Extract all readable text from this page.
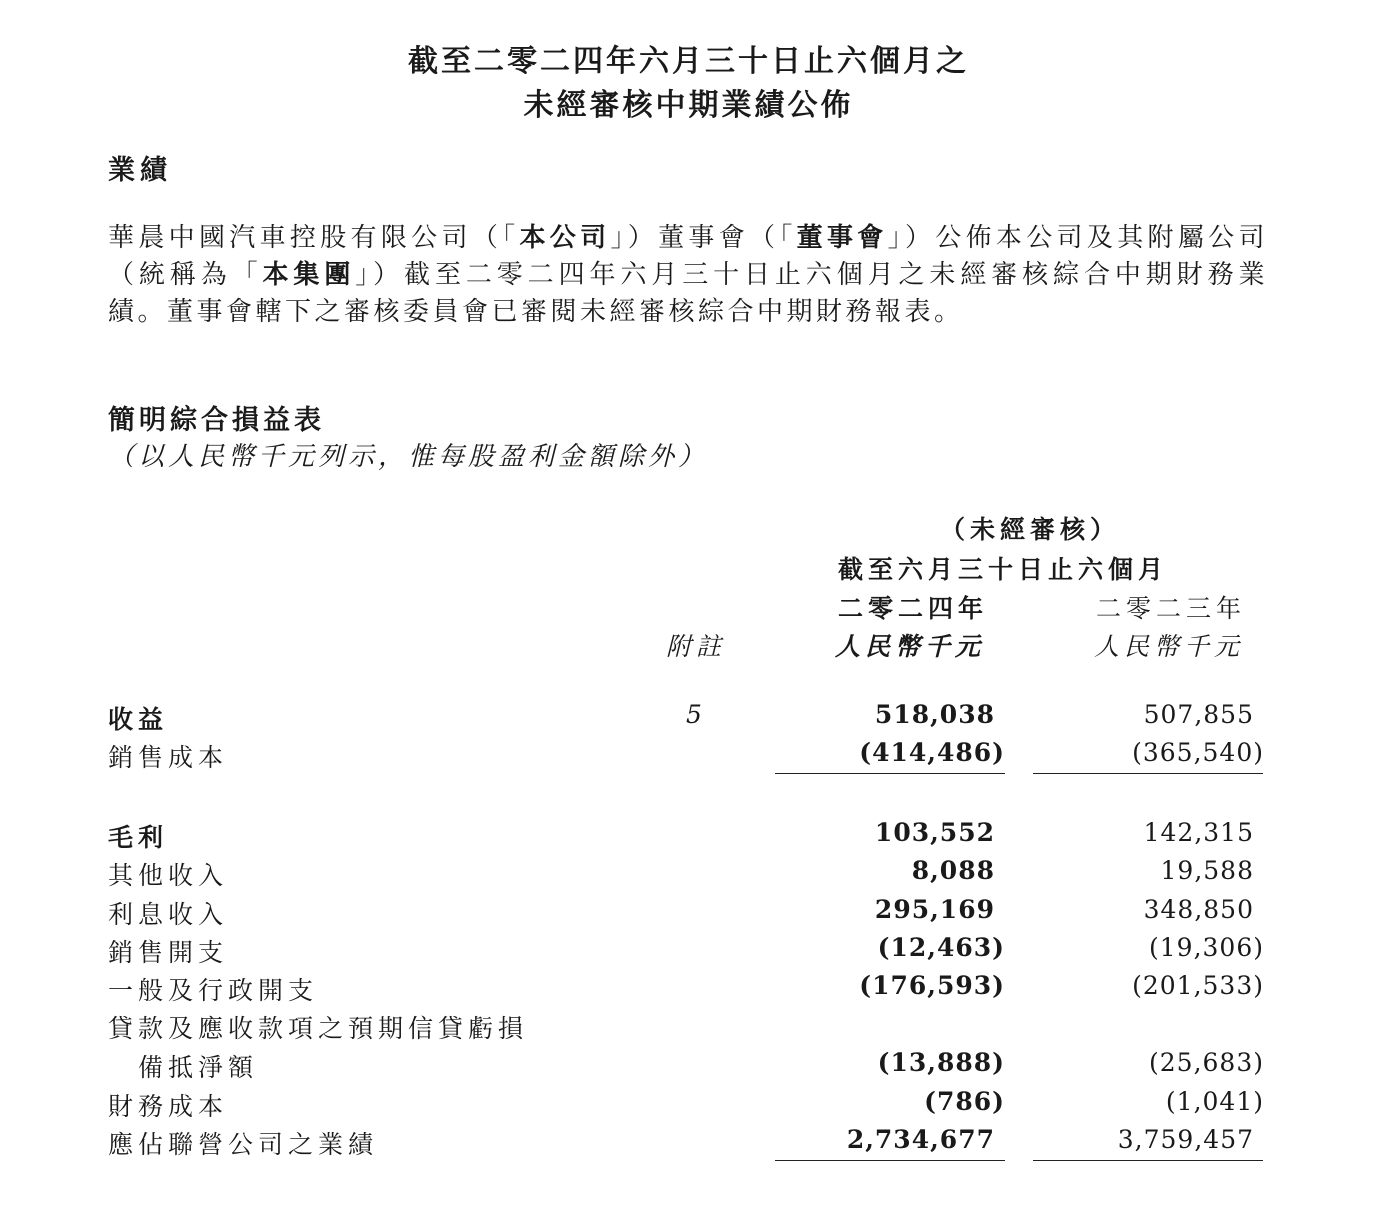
截至二零二四年六月三十日止六個月之
未經審核中期業績公佈
業績

華晨中國汽車控股有限公司（「本公司」）董事會（「董事會」）公佈本公司及其附屬公司（統稱為「本集團」）截至二零二四年六月三十日止六個月之未經審核綜合中期財務業績。董事會轄下之審核委員會已審閱未經審核綜合中期財務報表。

簡明綜合損益表
（以人民幣千元列示，惟每股盈利金額除外）
（未經審核）
截至六月三十日止六個月
二零二四年	二零二三年
附註	人民幣千元	人民幣千元
收益	5	518,038	507,855
銷售成本	(414,486)	(365,540)
毛利	103,552	142,315
其他收入	8,088	19,588
利息收入	295,169	348,850
銷售開支	(12,463)	(19,306)
一般及行政開支	(176,593)	(201,533)
貸款及應收款項之預期信貸虧損
備抵淨額	(13,888)	(25,683)
財務成本	(786)	(1,041)
應佔聯營公司之業績	2,734,677	3,759,457
